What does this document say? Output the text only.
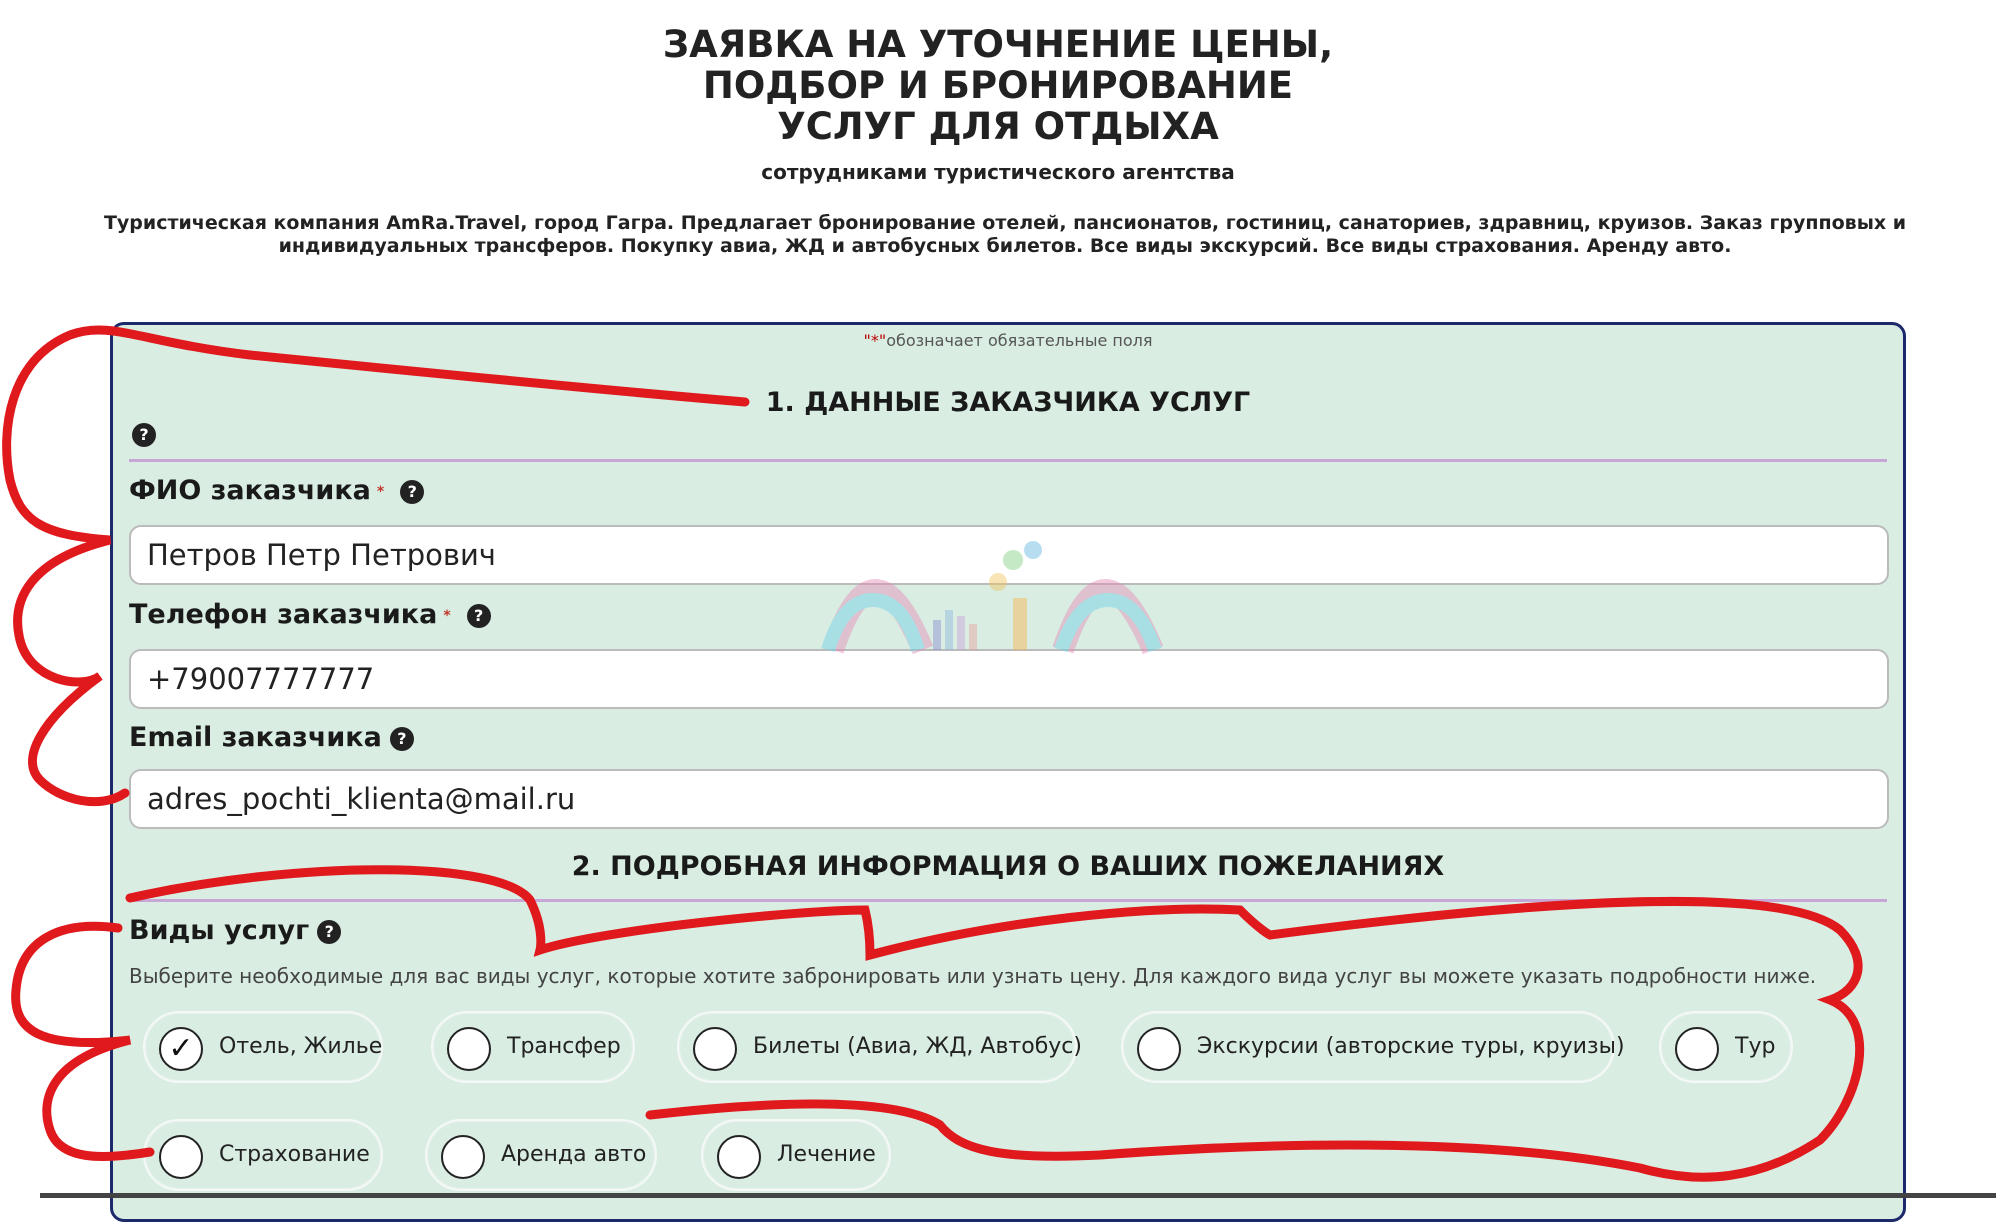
ЗАЯВКА НА УТОЧНЕНИЕ ЦЕНЫ,
ПОДБОР И БРОНИРОВАНИЕ
УСЛУГ ДЛЯ ОТДЫХА
сотрудниками туристического агентства
Туристическая компания AmRa.Travel, город Гагра. Предлагает бронирование отелей, пансионатов, гостиниц, санаториев, здравниц, круизов. Заказ групповых и индивидуальных трансферов. Покупку авиа, ЖД и автобусных билетов. Все виды экскурсий. Все виды страхования. Аренду авто.
"*"обозначает обязательные поля
1. ДАННЫЕ ЗАКАЗЧИКА УСЛУГ
?
ФИО заказчика * ?
Петров Петр Петрович
Телефон заказчика * ?
+79007777777
Email заказчика ?
adres_pochti_klienta@mail.ru
2. ПОДРОБНАЯ ИНФОРМАЦИЯ О ВАШИХ ПОЖЕЛАНИЯХ
Виды услуг ?
Выберите необходимые для вас виды услуг, которые хотите забронировать или узнать цену. Для каждого вида услуг вы можете указать подробности ниже.
✓	Отель, Жилье	Трансфер	Билеты (Авиа, ЖД, Автобус)	Экскурсии (авторские туры, круизы)	Тур
Страхование	Аренда авто	Лечение
